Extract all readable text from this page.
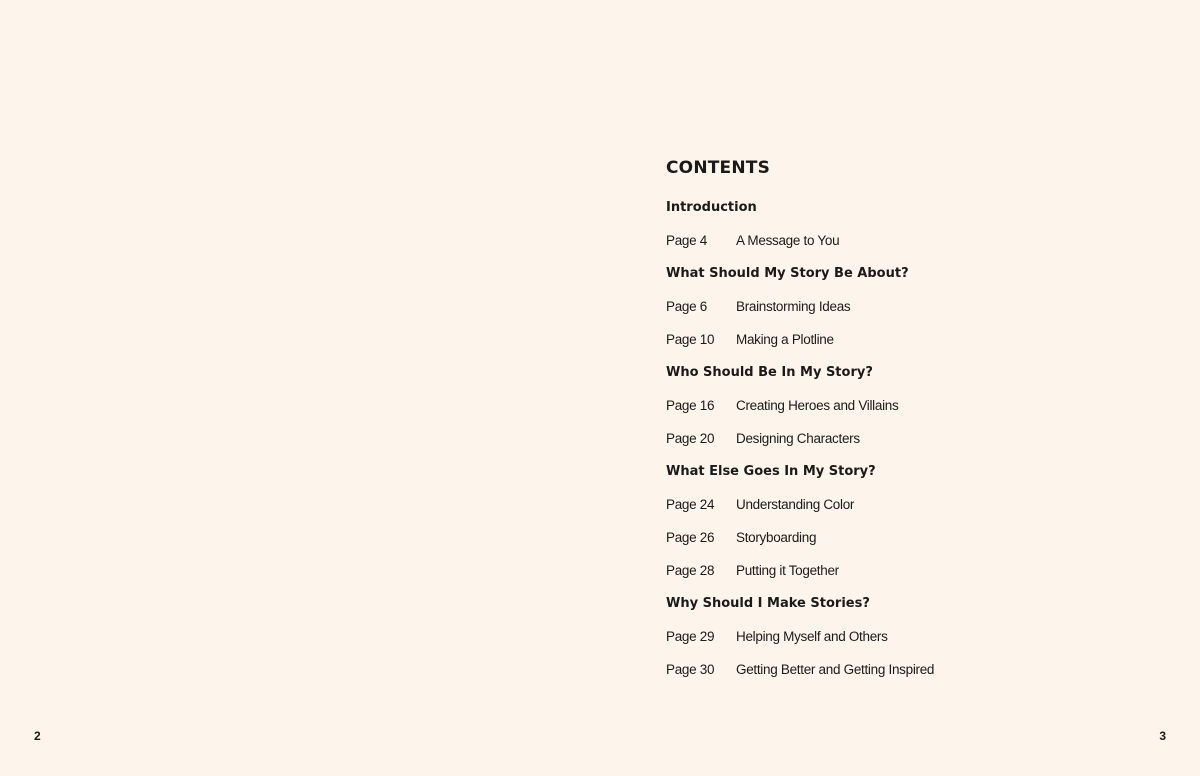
2
CONTENTS
Introduction
Page 4	A Message to You
What Should My Story Be About?
Page 6	Brainstorming Ideas
Page 10	Making a Plotline
Who Should Be In My Story?
Page 16	Creating Heroes and Villains
Page 20	Designing Characters
What Else Goes In My Story?
Page 24	Understanding Color
Page 26	Storyboarding
Page 28	Putting it Together
Why Should I Make Stories?
Page 29	Helping Myself and Others
Page 30	Getting Better and Getting Inspired
3
